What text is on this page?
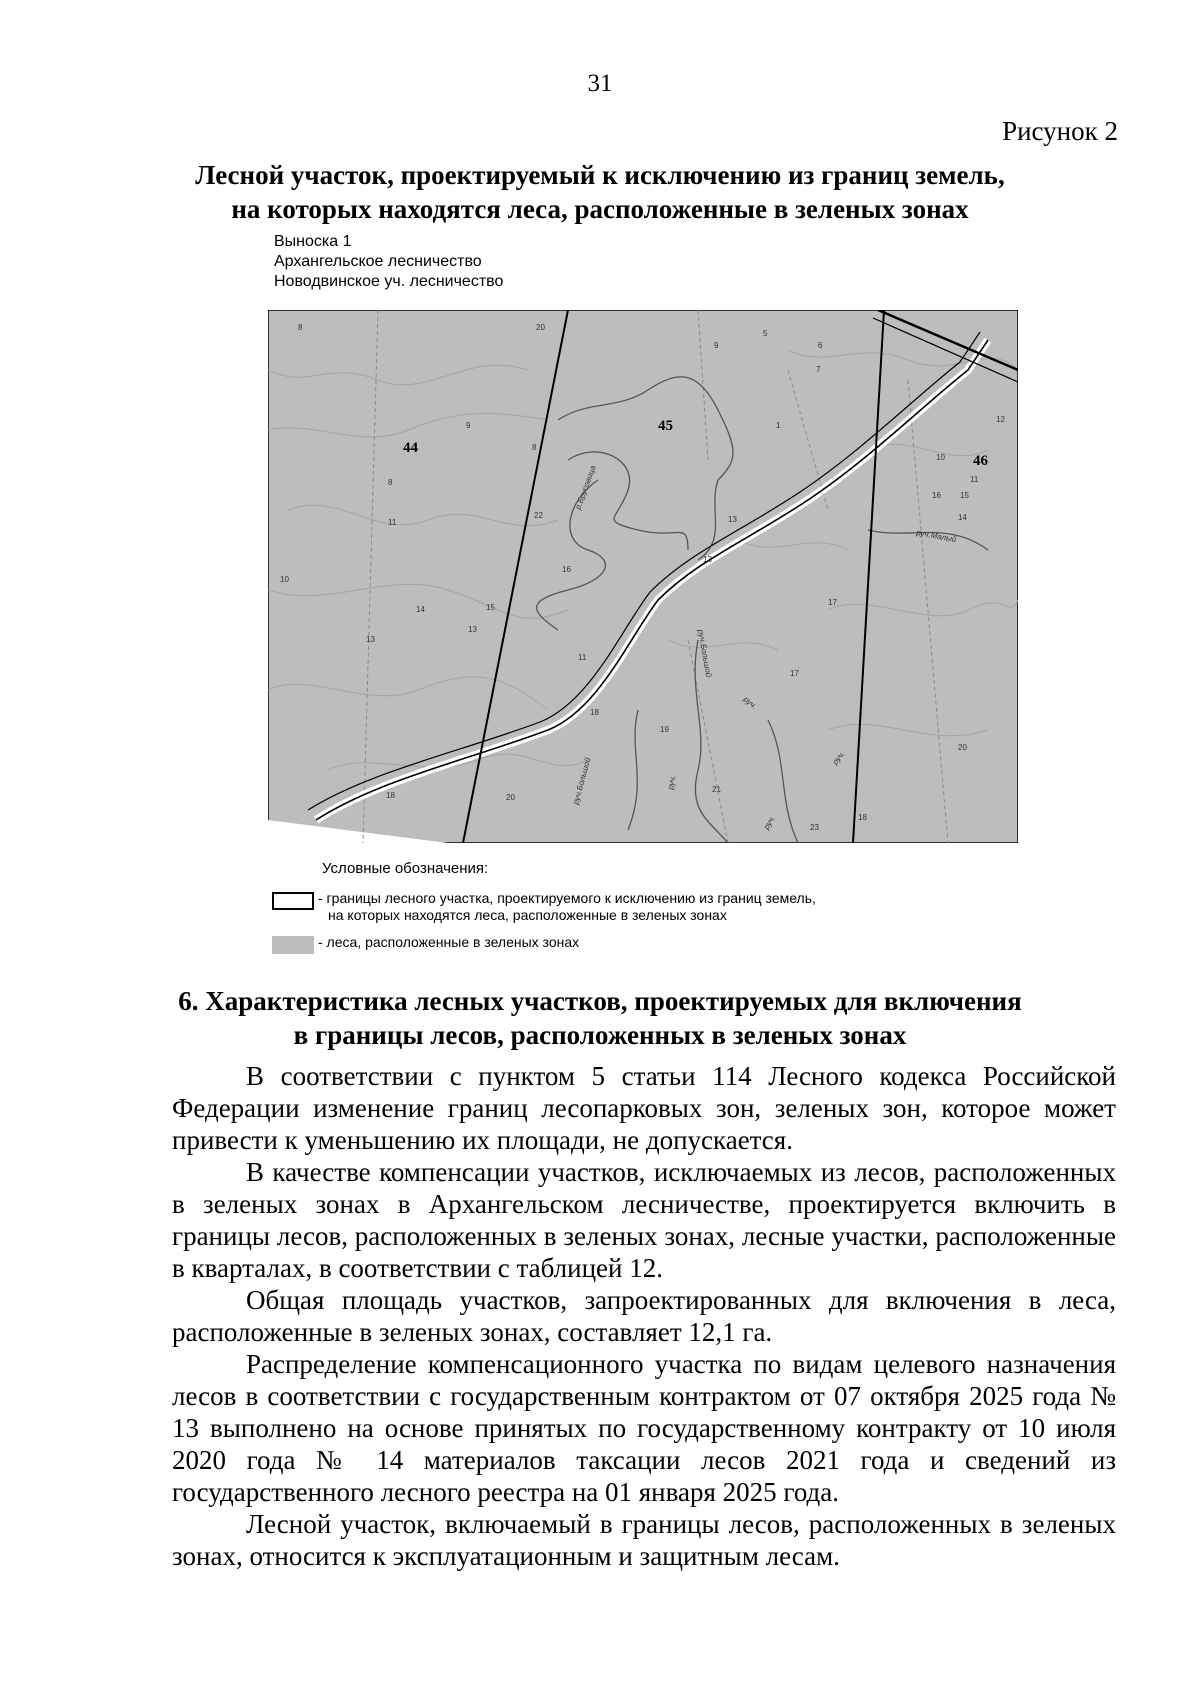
31
Рисунок 2
Лесной участок, проектируемый к исключению из границ земель,
на которых находятся леса, расположенные в зеленых зонах
Выноска 1
Архангельское лесничество
Новодвинское уч. лесничество
44
45
46
р.Брусовица
руч.Малый
руч.Большой
руч.
руч.Большой	руч.
руч.
руч.
8
9
5
6
7
12
10
11
16 15
14
1
9
8
8
22
11
16
13
13
17
14	15
13
10
17
20
19
18
18	20
21
23
18
20
11
13
Условные обозначения:
- границы лесного участка, проектируемого к исключению из границ земель,
на которых находятся леса, расположенные в зеленых зонах
- леса, расположенные в зеленых зонах
6. Характеристика лесных участков, проектируемых для включения
в границы лесов, расположенных в зеленых зонах

В соответствии с пунктом 5 статьи 114 Лесного кодекса Российской Федерации изменение границ лесопарковых зон, зеленых зон, которое может привести к уменьшению их площади, не допускается.

В качестве компенсации участков, исключаемых из лесов, расположенных в зеленых зонах в Архангельском лесничестве, проектируется включить в границы лесов, расположенных в зеленых зонах, лесные участки, расположенные в кварталах, в соответствии с таблицей 12.

Общая площадь участков, запроектированных для включения в леса, расположенные в зеленых зонах, составляет 12,1 га.

Распределение компенсационного участка по видам целевого назначения лесов в соответствии с государственным контрактом от 07 октября 2025 года № 13 выполнено на основе принятых по государственному контракту от 10 июля 2020 года № 14 материалов таксации лесов 2021 года и сведений из государственного лесного реестра на 01 января 2025 года.

Лесной участок, включаемый в границы лесов, расположенных в зеленых зонах, относится к эксплуатационным и защитным лесам.
